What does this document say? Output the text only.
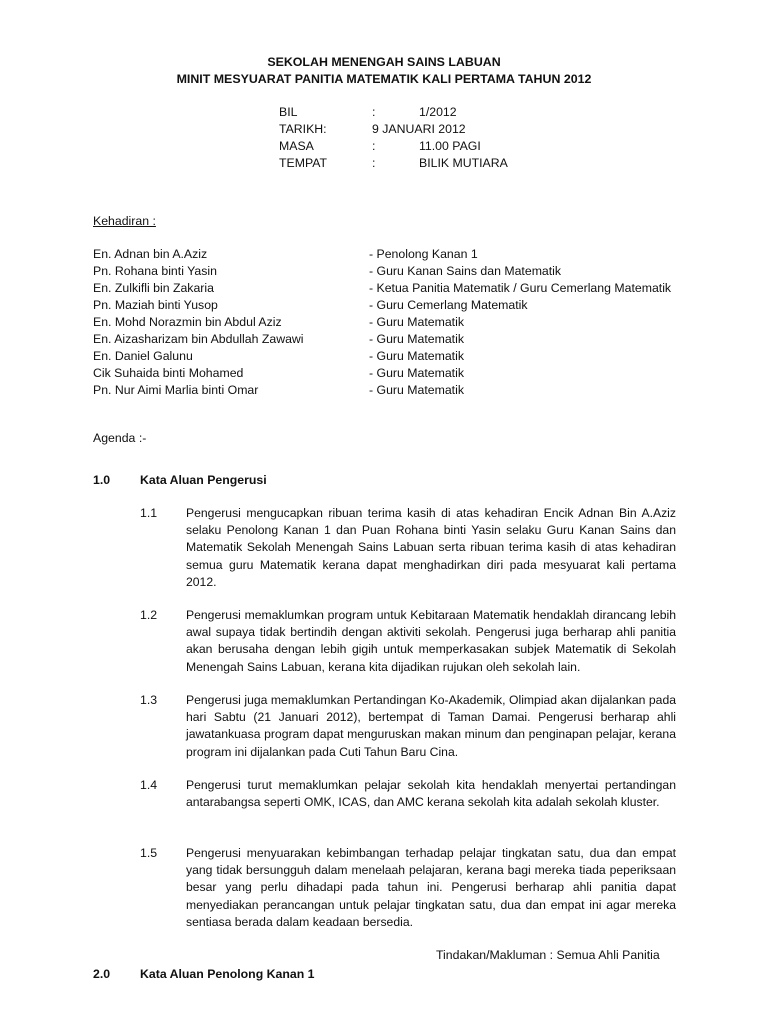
SEKOLAH MENENGAH SAINS LABUAN
MINIT MESYUARAT PANITIA MATEMATIK KALI PERTAMA TAHUN 2012
BIL	:	1/2012
TARIKH:	9 JANUARI 2012
MASA	:	11.00 PAGI
TEMPAT	:	BILIK MUTIARA
Kehadiran :
En. Adnan bin A.Aziz	- Penolong Kanan 1
Pn. Rohana binti Yasin	- Guru Kanan Sains dan Matematik
En. Zulkifli bin Zakaria	- Ketua Panitia Matematik / Guru Cemerlang Matematik
Pn. Maziah binti Yusop	- Guru Cemerlang Matematik
En. Mohd Norazmin bin Abdul Aziz	- Guru Matematik
En. Aizasharizam bin Abdullah Zawawi	- Guru Matematik
En. Daniel Galunu	- Guru Matematik
Cik Suhaida binti Mohamed	- Guru Matematik
Pn. Nur Aimi Marlia binti Omar	- Guru Matematik
Agenda :-
1.0 Kata Aluan Pengerusi
1.1 Pengerusi mengucapkan ribuan terima kasih di atas kehadiran Encik Adnan Bin A.Aziz selaku Penolong Kanan 1 dan Puan Rohana binti Yasin selaku Guru Kanan Sains dan Matematik Sekolah Menengah Sains Labuan serta ribuan terima kasih di atas kehadiran semua guru Matematik kerana dapat menghadirkan diri pada mesyuarat kali pertama 2012.
1.2 Pengerusi memaklumkan program untuk Kebitaraan Matematik hendaklah dirancang lebih awal supaya tidak bertindih dengan aktiviti sekolah. Pengerusi juga berharap ahli panitia akan berusaha dengan lebih gigih untuk memperkasakan subjek Matematik di Sekolah Menengah Sains Labuan, kerana kita dijadikan rujukan oleh sekolah lain.
1.3 Pengerusi juga memaklumkan Pertandingan Ko-Akademik, Olimpiad akan dijalankan pada hari Sabtu (21 Januari 2012), bertempat di Taman Damai. Pengerusi berharap ahli jawatankuasa program dapat menguruskan makan minum dan penginapan pelajar, kerana program ini dijalankan pada Cuti Tahun Baru Cina.
1.4 Pengerusi turut memaklumkan pelajar sekolah kita hendaklah menyertai pertandingan antarabangsa seperti OMK, ICAS, dan AMC kerana sekolah kita adalah sekolah kluster.
1.5 Pengerusi menyuarakan kebimbangan terhadap pelajar tingkatan satu, dua dan empat yang tidak bersungguh dalam menelaah pelajaran, kerana bagi mereka tiada peperiksaan besar yang perlu dihadapi pada tahun ini. Pengerusi berharap ahli panitia dapat menyediakan perancangan untuk pelajar tingkatan satu, dua dan empat ini agar mereka sentiasa berada dalam keadaan bersedia.
Tindakan/Makluman : Semua Ahli Panitia
2.0 Kata Aluan Penolong Kanan 1
